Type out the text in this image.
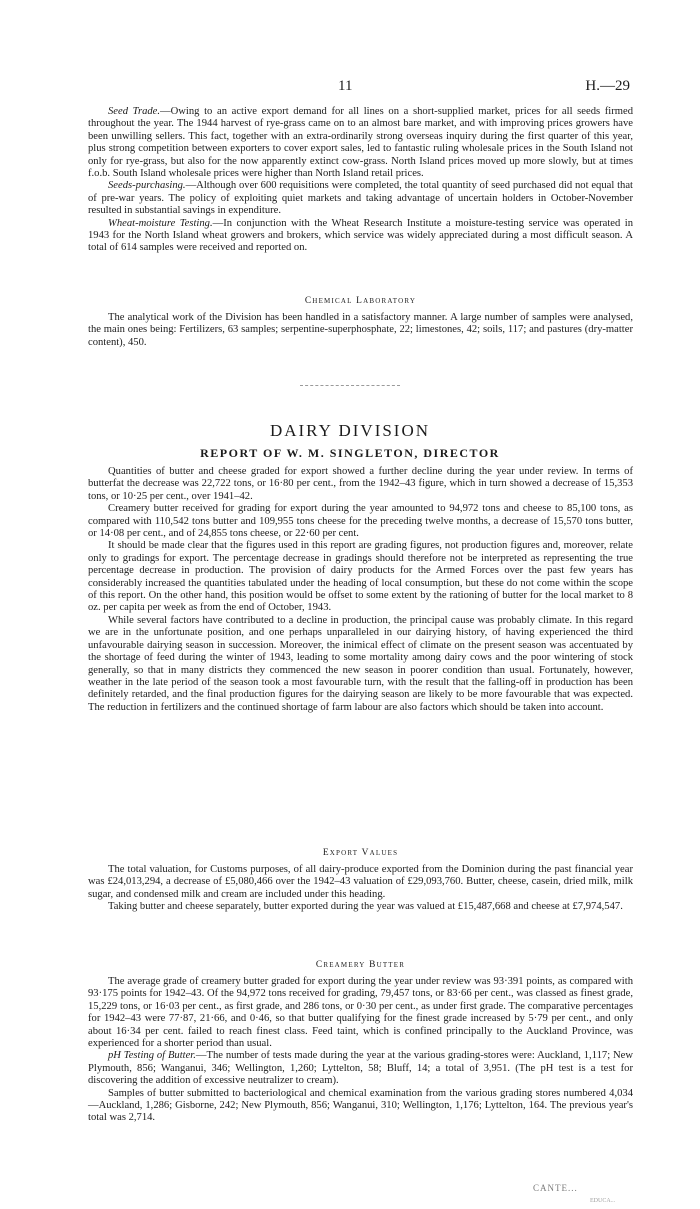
11	H.—29

Seed Trade.—Owing to an active export demand for all lines on a short-supplied market, prices for all seeds firmed throughout the year. The 1944 harvest of rye-grass came on to an almost bare market, and with improving prices growers have been unwilling sellers. This fact, together with an extra-ordinarily strong overseas inquiry during the first quarter of this year, plus strong competition between exporters to cover export sales, led to fantastic ruling wholesale prices in the South Island not only for rye-grass, but also for the now apparently extinct cow-grass. North Island prices moved up more slowly, but at times f.o.b. South Island wholesale prices were higher than North Island retail prices.

Seeds-purchasing.—Although over 600 requisitions were completed, the total quantity of seed purchased did not equal that of pre-war years. The policy of exploiting quiet markets and taking advantage of uncertain holders in October-November resulted in substantial savings in expenditure.

Wheat-moisture Testing.—In conjunction with the Wheat Research Institute a moisture-testing service was operated in 1943 for the North Island wheat growers and brokers, which service was widely appreciated during a most difficult season. A total of 614 samples were received and reported on.

Chemical Laboratory

The analytical work of the Division has been handled in a satisfactory manner. A large number of samples were analysed, the main ones being: Fertilizers, 63 samples; serpentine-superphosphate, 22; limestones, 42; soils, 117; and pastures (dry-matter content), 450.

DAIRY DIVISION
REPORT OF W. M. SINGLETON, DIRECTOR

Quantities of butter and cheese graded for export showed a further decline during the year under review. In terms of butterfat the decrease was 22,722 tons, or 16·80 per cent., from the 1942–43 figure, which in turn showed a decrease of 15,353 tons, or 10·25 per cent., over 1941–42.

Creamery butter received for grading for export during the year amounted to 94,972 tons and cheese to 85,100 tons, as compared with 110,542 tons butter and 109,955 tons cheese for the preceding twelve months, a decrease of 15,570 tons butter, or 14·08 per cent., and of 24,855 tons cheese, or 22·60 per cent.

It should be made clear that the figures used in this report are grading figures, not production figures and, moreover, relate only to gradings for export. The percentage decrease in gradings should therefore not be interpreted as representing the true percentage decrease in production. The provision of dairy products for the Armed Forces over the past few years has considerably increased the quantities tabulated under the heading of local consumption, but these do not come within the scope of this report. On the other hand, this position would be offset to some extent by the rationing of butter for the local market to 8 oz. per capita per week as from the end of October, 1943.

While several factors have contributed to a decline in production, the principal cause was probably climate. In this regard we are in the unfortunate position, and one perhaps unparalleled in our dairying history, of having experienced the third unfavourable dairying season in succession. Moreover, the inimical effect of climate on the present season was accentuated by the shortage of feed during the winter of 1943, leading to some mortality among dairy cows and the poor wintering of stock generally, so that in many districts they commenced the new season in poorer condition than usual. Fortunately, however, weather in the late period of the season took a most favourable turn, with the result that the falling-off in production has been definitely retarded, and the final production figures for the dairying season are likely to be more favourable that was expected. The reduction in fertilizers and the continued shortage of farm labour are also factors which should be taken into account.

Export Values

The total valuation, for Customs purposes, of all dairy-produce exported from the Dominion during the past financial year was £24,013,294, a decrease of £5,080,466 over the 1942–43 valuation of £29,093,760. Butter, cheese, casein, dried milk, milk sugar, and condensed milk and cream are included under this heading.

Taking butter and cheese separately, butter exported during the year was valued at £15,487,668 and cheese at £7,974,547.

Creamery Butter

The average grade of creamery butter graded for export during the year under review was 93·391 points, as compared with 93·175 points for 1942–43. Of the 94,972 tons received for grading, 79,457 tons, or 83·66 per cent., was classed as finest grade, 15,229 tons, or 16·03 per cent., as first grade, and 286 tons, or 0·30 per cent., as under first grade. The comparative percentages for 1942–43 were 77·87, 21·66, and 0·46, so that butter qualifying for the finest grade increased by 5·79 per cent., and only about 16·34 per cent. failed to reach finest class. Feed taint, which is confined principally to the Auckland Province, was experienced for a shorter period than usual.

pH Testing of Butter.—The number of tests made during the year at the various grading-stores were: Auckland, 1,117; New Plymouth, 856; Wanganui, 346; Wellington, 1,260; Lyttelton, 58; Bluff, 14; a total of 3,951. (The pH test is a test for discovering the addition of excessive neutralizer to cream).

Samples of butter submitted to bacteriological and chemical examination from the various grading stores numbered 4,034—Auckland, 1,286; Gisborne, 242; New Plymouth, 856; Wanganui, 310; Wellington, 1,176; Lyttelton, 164. The previous year's total was 2,714.

CANTE...
EDUCA...
